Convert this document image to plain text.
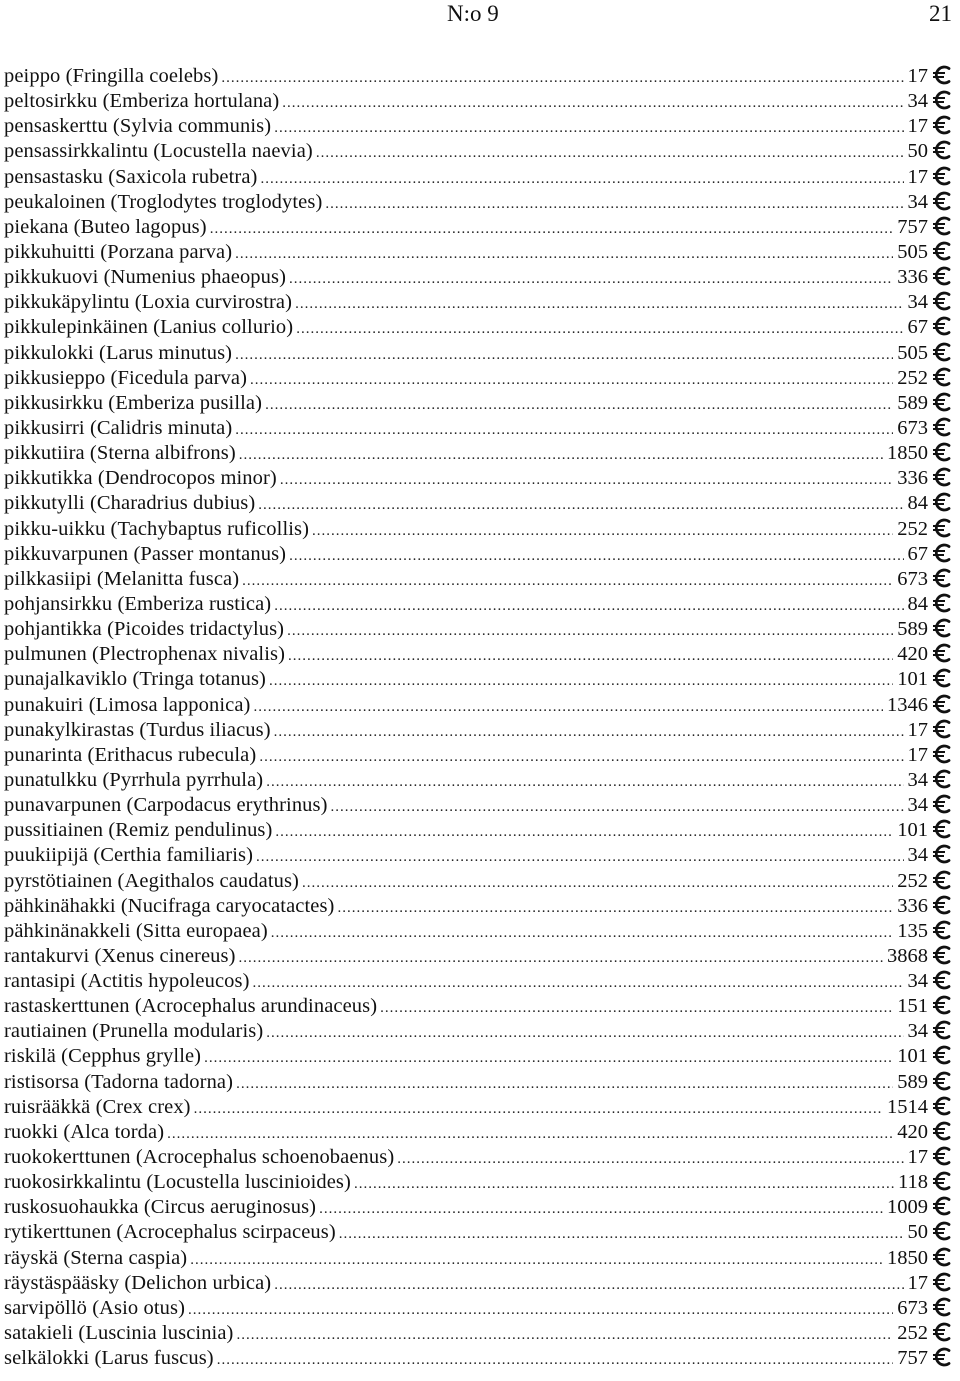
N:o 9	21
peippo (Fringilla coelebs) .....	17
peltosirkku (Emberiza hortulana) .....	34
pensaskerttu (Sylvia communis) .....	17
pensassirkkalintu (Locustella naevia) .....	50
pensastasku (Saxicola rubetra) .....	17
peukaloinen (Troglodytes troglodytes) .....	34
piekana (Buteo lagopus) .....	757
pikkuhuitti (Porzana parva) .....	505
pikkukuovi (Numenius phaeopus) .....	336
pikkukäpylintu (Loxia curvirostra) .....	34
pikkulepinkäinen (Lanius collurio) .....	67
pikkulokki (Larus minutus) .....	505
pikkusieppo (Ficedula parva) .....	252
pikkusirkku (Emberiza pusilla) .....	589
pikkusirri (Calidris minuta) .....	673
pikkutiira (Sterna albifrons) .....	1850
pikkutikka (Dendrocopos minor) .....	336
pikkutylli (Charadrius dubius) .....	84
pikku-uikku (Tachybaptus ruficollis) .....	252
pikkuvarpunen (Passer montanus) .....	67
pilkkasiipi (Melanitta fusca) .....	673
pohjansirkku (Emberiza rustica) .....	84
pohjantikka (Picoides tridactylus) .....	589
pulmunen (Plectrophenax nivalis) .....	420
punajalkaviklo (Tringa totanus) .....	101
punakuiri (Limosa lapponica) .....	1346
punakylkirastas (Turdus iliacus) .....	17
punarinta (Erithacus rubecula) .....	17
punatulkku (Pyrrhula pyrrhula) .....	34
punavarpunen (Carpodacus erythrinus) .....	34
pussitiainen (Remiz pendulinus) .....	101
puukiipijä (Certhia familiaris) .....	34
pyrstötiainen (Aegithalos caudatus) .....	252
pähkinähakki (Nucifraga caryocatactes) .....	336
pähkinänakkeli (Sitta europaea) .....	135
rantakurvi (Xenus cinereus) .....	3868
rantasipi (Actitis hypoleucos) .....	34
rastaskerttunen (Acrocephalus arundinaceus) .....	151
rautiainen (Prunella modularis) .....	34
riskilä (Cepphus grylle) .....	101
ristisorsa (Tadorna tadorna) .....	589
ruisrääkkä (Crex crex) .....	1514
ruokki (Alca torda) .....	420
ruokokerttunen (Acrocephalus schoenobaenus) .....	17
ruokosirkkalintu (Locustella luscinioides) .....	118
ruskosuohaukka (Circus aeruginosus) .....	1009
rytikerttunen (Acrocephalus scirpaceus) .....	50
räyskä (Sterna caspia) .....	1850
räystäspääsky (Delichon urbica) .....	17
sarvipöllö (Asio otus) .....	673
satakieli (Luscinia luscinia) .....	252
selkälokki (Larus fuscus) .....	757
